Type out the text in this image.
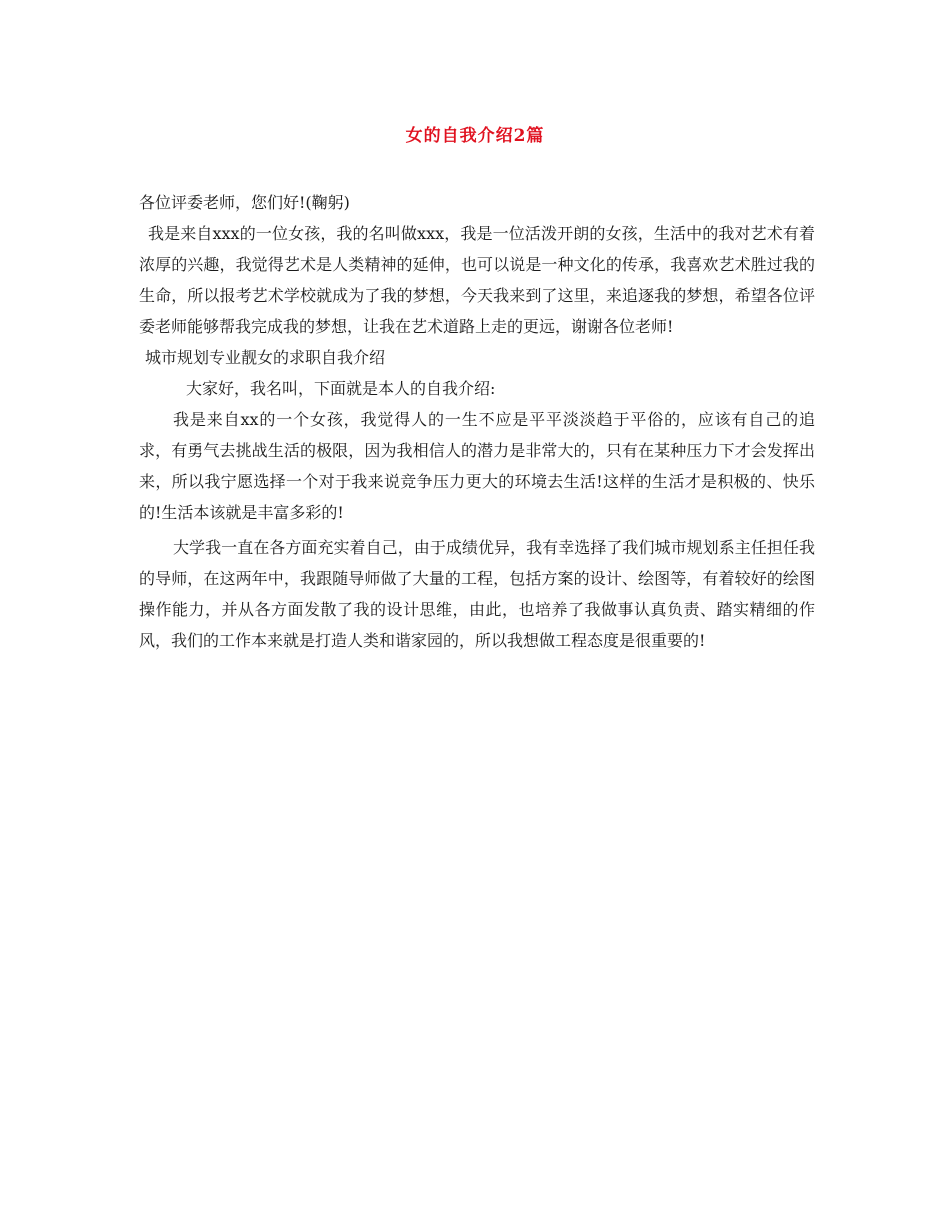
女的自我介绍2篇

各位评委老师，您们好!(鞠躬)

我是来自xxx的一位女孩，我的名叫做xxx，我是一位活泼开朗的女孩，生活中的我对艺术有着浓厚的兴趣，我觉得艺术是人类精神的延伸，也可以说是一种文化的传承，我喜欢艺术胜过我的生命，所以报考艺术学校就成为了我的梦想，今天我来到了这里，来追逐我的梦想，希望各位评委老师能够帮我完成我的梦想，让我在艺术道路上走的更远，谢谢各位老师!

城市规划专业靓女的求职自我介绍

大家好，我名叫，下面就是本人的自我介绍:

我是来自xx的一个女孩，我觉得人的一生不应是平平淡淡趋于平俗的，应该有自己的追求，有勇气去挑战生活的极限，因为我相信人的潜力是非常大的，只有在某种压力下才会发挥出来，所以我宁愿选择一个对于我来说竞争压力更大的环境去生活!这样的生活才是积极的、快乐的!生活本该就是丰富多彩的!

大学我一直在各方面充实着自己，由于成绩优异，我有幸选择了我们城市规划系主任担任我的导师，在这两年中，我跟随导师做了大量的工程，包括方案的设计、绘图等，有着较好的绘图操作能力，并从各方面发散了我的设计思维，由此，也培养了我做事认真负责、踏实精细的作风，我们的工作本来就是打造人类和谐家园的，所以我想做工程态度是很重要的!
